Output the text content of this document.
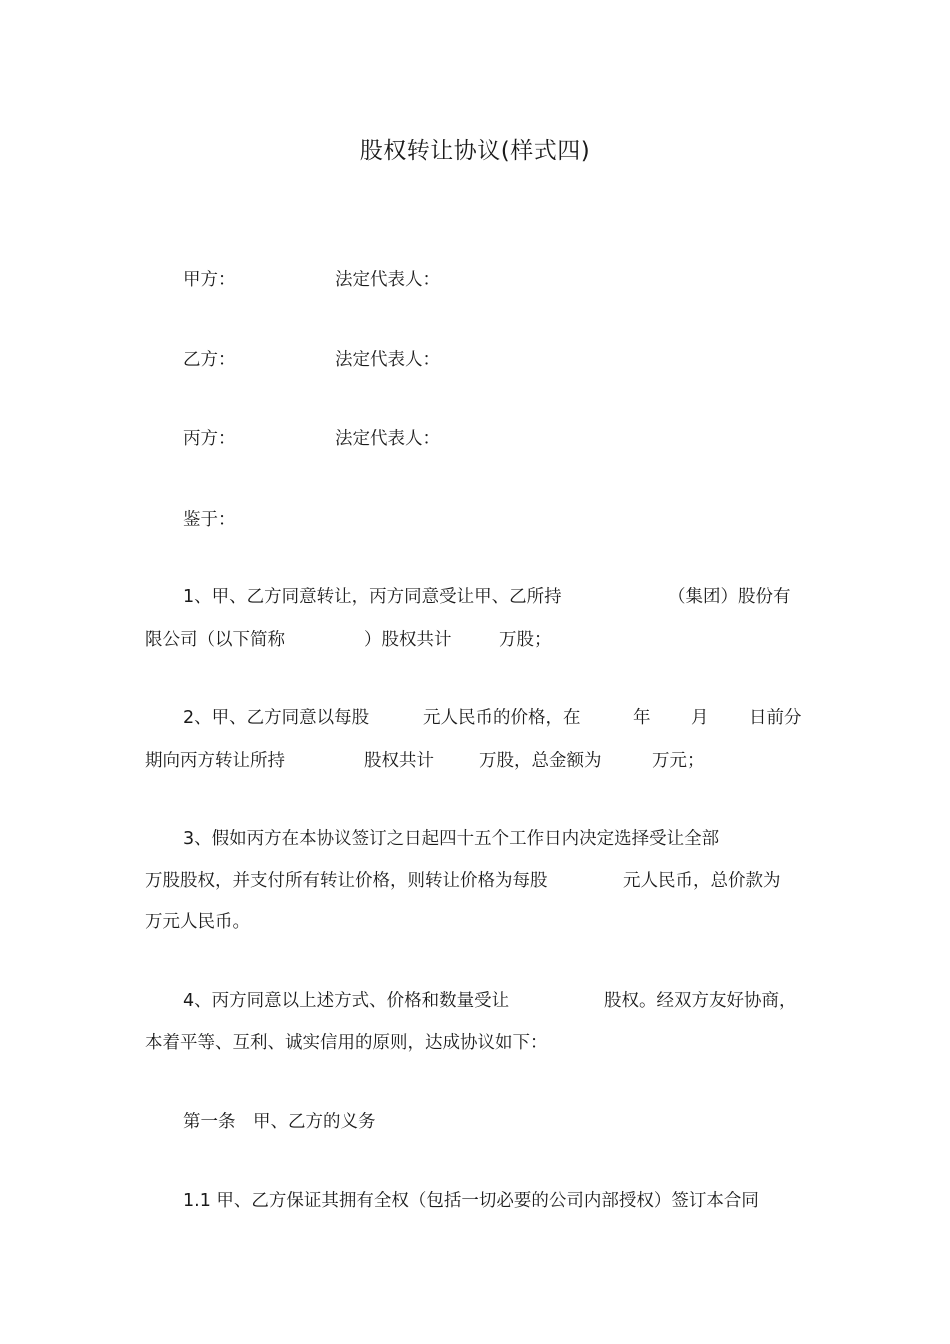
股权转让协议(样式四)
甲方：	法定代表人：
乙方：	法定代表人：
丙方：	法定代表人：
鉴于：
1、甲、乙方同意转让，丙方同意受让甲、乙所持	（集团）股份有
限公司（以下简称	）股权共计	万股；
2、甲、乙方同意以每股	元人民币的价格，在	年 月 日前分
期向丙方转让所持	股权共计	万股，总金额为	万元；
3、假如丙方在本协议签订之日起四十五个工作日内决定选择受让全部
万股股权，并支付所有转让价格，则转让价格为每股	元人民币，总价款为
万元人民币。
4、丙方同意以上述方式、价格和数量受让	股权。经双方友好协商，
本着平等、互利、诚实信用的原则，达成协议如下：
第一条　甲、乙方的义务
1.1 甲、乙方保证其拥有全权（包括一切必要的公司内部授权）签订本合同
